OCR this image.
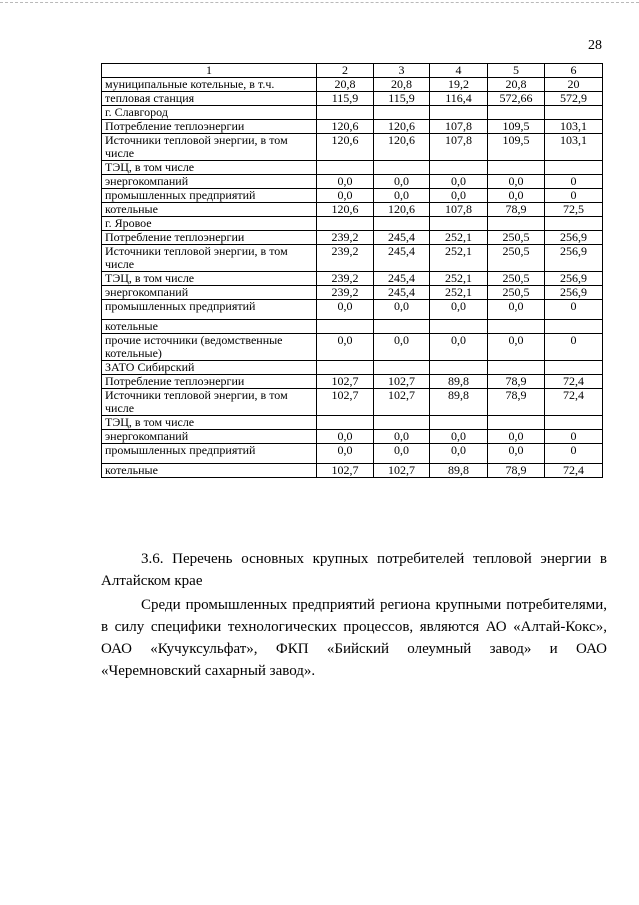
28
1	2	3	4	5	6
муниципальные котельные, в т.ч.	20,8	20,8	19,2	20,8	20
тепловая станция	115,9	115,9	116,4	572,66	572,9
г. Славгород					
Потребление теплоэнергии	120,6	120,6	107,8	109,5	103,1
Источники тепловой энергии, в том числе	120,6	120,6	107,8	109,5	103,1
ТЭЦ, в том числе					
энергокомпаний	0,0	0,0	0,0	0,0	0
промышленных предприятий	0,0	0,0	0,0	0,0	0
котельные	120,6	120,6	107,8	78,9	72,5
г. Яровое					
Потребление теплоэнергии	239,2	245,4	252,1	250,5	256,9
Источники тепловой энергии, в том числе	239,2	245,4	252,1	250,5	256,9
ТЭЦ, в том числе	239,2	245,4	252,1	250,5	256,9
энергокомпаний	239,2	245,4	252,1	250,5	256,9
промышленных предприятий	0,0	0,0	0,0	0,0	0
котельные					
прочие источники (ведомственные котельные)	0,0	0,0	0,0	0,0	0
ЗАТО Сибирский					
Потребление теплоэнергии	102,7	102,7	89,8	78,9	72,4
Источники тепловой энергии, в том числе	102,7	102,7	89,8	78,9	72,4
ТЭЦ, в том числе					
энергокомпаний	0,0	0,0	0,0	0,0	0
промышленных предприятий	0,0	0,0	0,0	0,0	0
котельные	102,7	102,7	89,8	78,9	72,4

3.6. Перечень основных крупных потребителей тепловой энергии в Алтайском крае

Среди промышленных предприятий региона крупными потребителями, в силу специфики технологических процессов, являются АО «Алтай-Кокс», ОАО «Кучуксульфат», ФКП «Бийский олеумный завод» и ОАО «Черемновский сахарный завод».
